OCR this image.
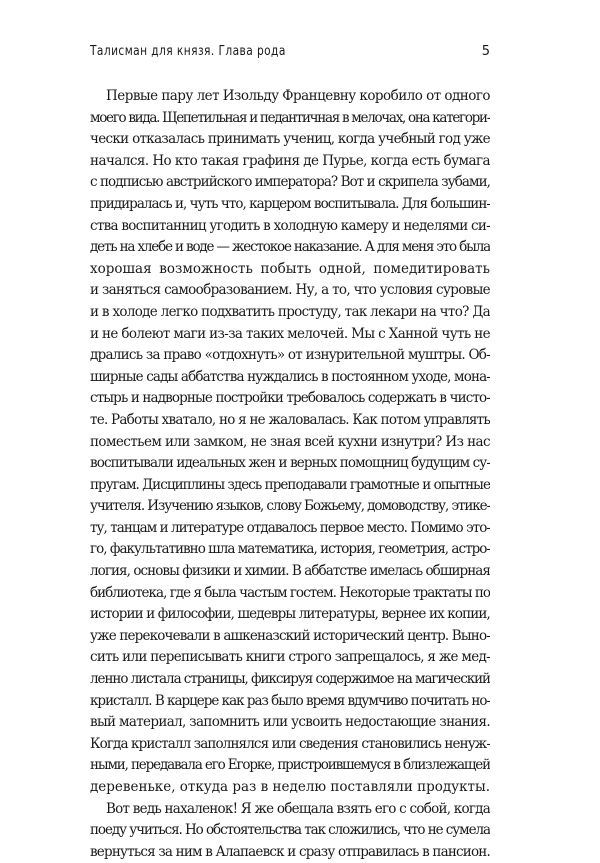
Талисман для князя. Глава рода	5
Первые пару лет Изольду Францевну коробило от одного
моего вида. Щепетильная и педантичная в мелочах, она категори-
чески отказалась принимать учениц, когда учебный год уже
начался. Но кто такая графиня де Пурье, когда есть бумага
с подписью австрийского императора? Вот и скрипела зубами,
придиралась и, чуть что, карцером воспитывала. Для большин-
ства воспитанниц угодить в холодную камеру и неделями си-
деть на хлебе и воде — жестокое наказание. А для меня это была
хорошая возможность побыть одной, помедитировать
и заняться самообразованием. Ну, а то, что условия суровые
и в холоде легко подхватить простуду, так лекари на что? Да
и не болеют маги из-за таких мелочей. Мы с Ханной чуть не
дрались за право «отдохнуть» от изнурительной муштры. Об-
ширные сады аббатства нуждались в постоянном уходе, мона-
стырь и надворные постройки требовалось содержать в чисто-
те. Работы хватало, но я не жаловалась. Как потом управлять
поместьем или замком, не зная всей кухни изнутри? Из нас
воспитывали идеальных жен и верных помощниц будущим су-
пругам. Дисциплины здесь преподавали грамотные и опытные
учителя. Изучению языков, слову Божьему, домоводству, этике-
ту, танцам и литературе отдавалось первое место. Помимо это-
го, факультативно шла математика, история, геометрия, астро-
логия, основы физики и химии. В аббатстве имелась обширная
библиотека, где я была частым гостем. Некоторые трактаты по
истории и философии, шедевры литературы, вернее их копии,
уже перекочевали в ашкеназский исторический центр. Выно-
сить или переписывать книги строго запрещалось, я же мед-
ленно листала страницы, фиксируя содержимое на магический
кристалл. В карцере как раз было время вдумчиво почитать но-
вый материал, запомнить или усвоить недостающие знания.
Когда кристалл заполнялся или сведения становились ненуж-
ными, передавала его Егорке, пристроившемуся в близлежащей
деревеньке, откуда раз в неделю поставляли продукты.
Вот ведь нахаленок! Я же обещала взять его с собой, когда
поеду учиться. Но обстоятельства так сложились, что не сумела
вернуться за ним в Алапаевск и сразу отправилась в пансион.
